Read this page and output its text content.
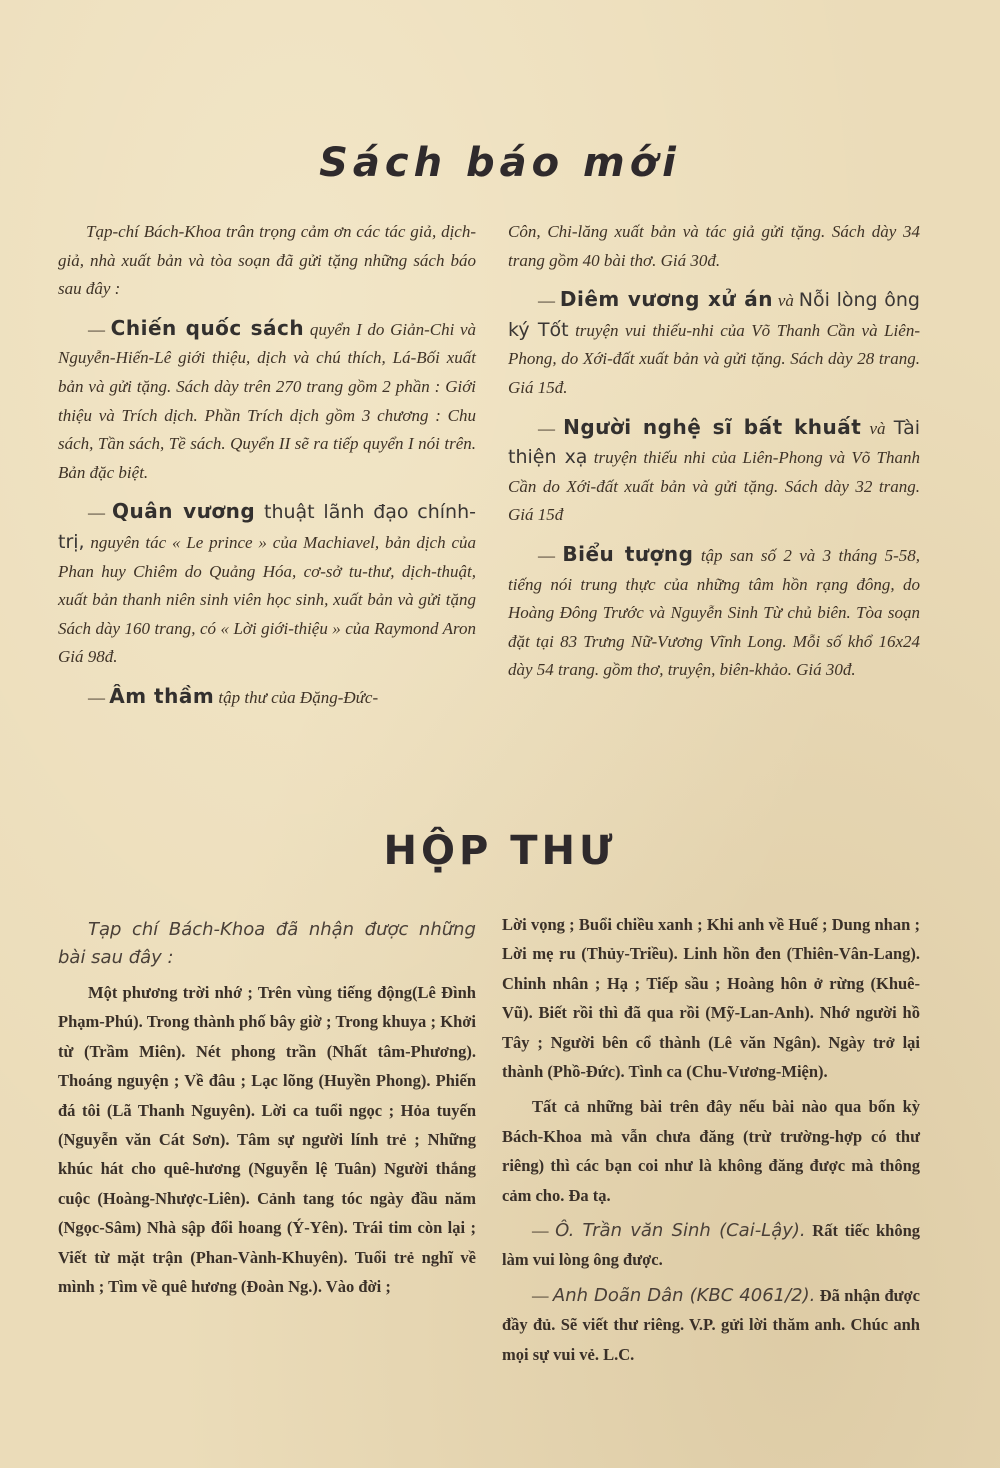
Sách báo mới

Tạp-chí Bách-Khoa trân trọng cảm ơn các tác giả, dịch-giả, nhà xuất bản và tòa soạn đã gửi tặng những sách báo sau đây :

— Chiến quốc sách quyển I do Giản-Chi và Nguyễn-Hiến-Lê giới thiệu, dịch và chú thích, Lá-Bối xuất bản và gửi tặng. Sách dày trên 270 trang gồm 2 phần : Giới thiệu và Trích dịch. Phần Trích dịch gồm 3 chương : Chu sách, Tần sách, Tề sách. Quyển II sẽ ra tiếp quyển I nói trên. Bản đặc biệt.

— Quân vương thuật lãnh đạo chính-trị, nguyên tác « Le prince » của Machiavel, bản dịch của Phan huy Chiêm do Quảng Hóa, cơ-sở tu-thư, dịch-thuật, xuất bản thanh niên sinh viên học sinh, xuất bản và gửi tặng Sách dày 160 trang, có « Lời giới-thiệu » của Raymond Aron Giá 98đ.

— Âm thầm tập thư của Đặng-Đức-

Côn, Chi-lăng xuất bản và tác giả gửi tặng. Sách dày 34 trang gồm 40 bài thơ. Giá 30đ.

— Diêm vương xử án và Nỗi lòng ông ký Tốt truyện vui thiếu-nhi của Võ Thanh Cần và Liên-Phong, do Xới-đất xuất bản và gửi tặng. Sách dày 28 trang. Giá 15đ.

— Người nghệ sĩ bất khuất và Tài thiện xạ truyện thiếu nhi của Liên-Phong và Võ Thanh Cần do Xới-đất xuất bản và gửi tặng. Sách dày 32 trang. Giá 15đ

— Biểu tượng tập san số 2 và 3 tháng 5-58, tiếng nói trung thực của những tâm hồn rạng đông, do Hoàng Đông Trước và Nguyễn Sinh Từ chủ biên. Tòa soạn đặt tại 83 Trưng Nữ-Vương Vĩnh Long. Mỗi số khổ 16x24 dày 54 trang. gồm thơ, truyện, biên-khảo. Giá 30đ.

HỘP THƯ

Tạp chí Bách-Khoa đã nhận được những bài sau đây :

Một phương trời nhớ ; Trên vùng tiếng động(Lê Đình Phạm-Phú). Trong thành phố bây giờ ; Trong khuya ; Khởi từ (Trầm Miên). Nét phong trần (Nhất tâm-Phương). Thoáng nguyện ; Về đâu ; Lạc lõng (Huyền Phong). Phiến đá tôi (Lã Thanh Nguyên). Lời ca tuổi ngọc ; Hỏa tuyến (Nguyễn văn Cát Sơn). Tâm sự người lính trẻ ; Những khúc hát cho quê-hương (Nguyễn lệ Tuân) Người thắng cuộc (Hoàng-Nhược-Liên). Cảnh tang tóc ngày đầu năm (Ngọc-Sâm) Nhà sập đổi hoang (Ý-Yên). Trái tim còn lại ; Viết từ mặt trận (Phan-Vành-Khuyên). Tuổi trẻ nghĩ về mình ; Tìm về quê hương (Đoàn Ng.). Vào đời ;

Lời vọng ; Buổi chiều xanh ; Khi anh về Huế ; Dung nhan ; Lời mẹ ru (Thủy-Triều). Linh hồn đen (Thiên-Vân-Lang). Chinh nhân ; Hạ ; Tiếp sầu ; Hoàng hôn ở rừng (Khuê-Vũ). Biết rồi thì đã qua rồi (Mỹ-Lan-Anh). Nhớ người hồ Tây ; Người bên cổ thành (Lê văn Ngân). Ngày trở lại thành (Phồ-Đức). Tình ca (Chu-Vương-Miện).

Tất cả những bài trên đây nếu bài nào qua bốn kỳ Bách-Khoa mà vẫn chưa đăng (trừ trường-hợp có thư riêng) thì các bạn coi như là không đăng được mà thông cảm cho. Đa tạ.

— Ô. Trần văn Sinh (Cai-Lậy). Rất tiếc không làm vui lòng ông được.

— Anh Doãn Dân (KBC 4061/2). Đã nhận được đầy đủ. Sẽ viết thư riêng. V.P. gửi lời thăm anh. Chúc anh mọi sự vui vẻ. L.C.
